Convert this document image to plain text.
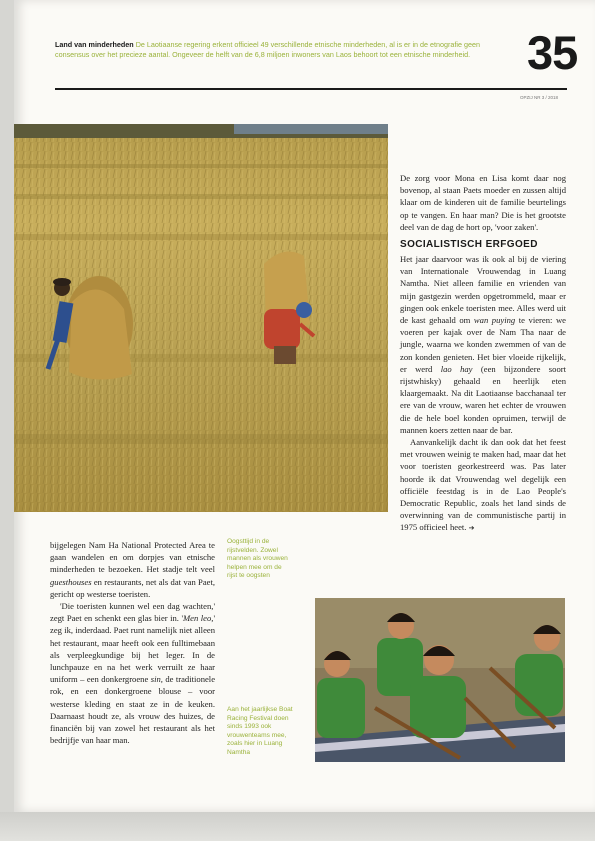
Land van minderheden De Laotiaanse regering erkent officieel 49 verschillende etnische minderheden, al is er in de etnografie geen consensus over het precieze aantal. Ongeveer de helft van de 6,8 miljoen inwoners van Laos behoort tot een etnische minderheid.	35
OPZIJ NR 3 / 2018

De zorg voor Mona en Lisa komt daar nog bovenop, al staan Paets moeder en zussen altijd klaar om de kinderen uit de familie beurtelings op te vangen. En haar man? Die is het grootste deel van de dag de hort op, 'voor zaken'.

SOCIALISTISCH ERFGOED

Het jaar daarvoor was ik ook al bij de viering van Internationale Vrouwendag in Luang Namtha. Niet alleen familie en vrienden van mijn gastgezin werden opgetrommeld, maar er gingen ook enkele toeristen mee. Alles werd uit de kast gehaald om wan puying te vieren: we voeren per kajak over de Nam Tha naar de jungle, waarna we konden zwemmen of van de zon konden genieten. Het bier vloeide rijkelijk, er werd lao hay (een bijzondere soort rijstwhisky) gehaald en heerlijk eten klaargemaakt. Na dit Laotiaanse bacchanaal ter ere van de vrouw, waren het echter de vrouwen die de hele boel konden opruimen, terwijl de mannen koers zetten naar de bar.

Aanvankelijk dacht ik dan ook dat het feest met vrouwen weinig te maken had, maar dat het voor toeristen georkestreerd was. Pas later hoorde ik dat Vrouwendag wel degelijk een officiële feestdag is in de Lao People's Democratic Republic, zoals het land sinds de overwinning van de communistische partij in 1975 officieel heet. ➔

bijgelegen Nam Ha National Protected Area te gaan wandelen en om dorpjes van etnische minderheden te bezoeken. Het stadje telt veel guesthouses en restaurants, net als dat van Paet, gericht op westerse toeristen.

'Die toeristen kunnen wel een dag wachten,' zegt Paet en schenkt een glas bier in. 'Men leo,' zeg ik, inderdaad. Paet runt namelijk niet alleen het restaurant, maar heeft ook een fulltimebaan als verpleegkundige bij het leger. In de lunchpauze en na het werk verruilt ze haar uniform – een donkergroene sin, de traditionele rok, en een donkergroene blouse – voor westerse kleding en staat ze in de keuken. Daarnaast houdt ze, als vrouw des huizes, de financiën bij van zowel het restaurant als het bedrijfje van haar man.

Oogsttijd in de rijstvelden. Zowel mannen als vrouwen helpen mee om de rijst te oogsten
Aan het jaarlijkse Boat Racing Festival doen sinds 1993 ook vrouwenteams mee, zoals hier in Luang Namtha
